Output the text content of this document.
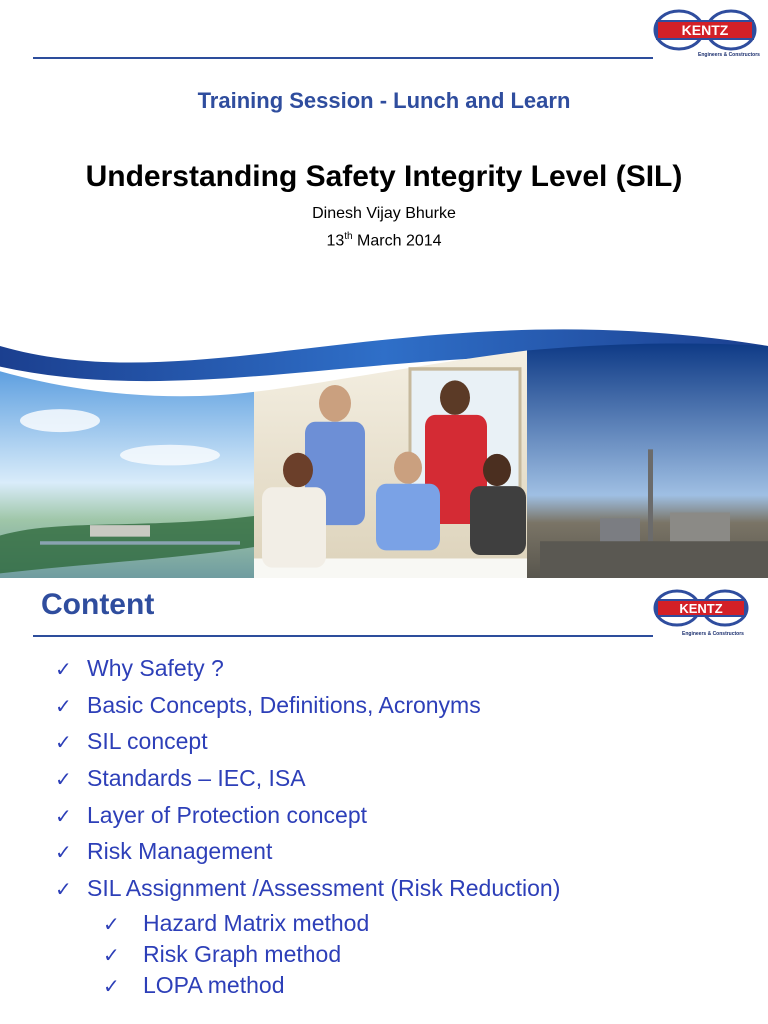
KENTZ
Engineers & Constructors
Training Session - Lunch and Learn
Understanding Safety Integrity Level (SIL)
Dinesh Vijay Bhurke
13th March 2014
Content	KENTZ
Engineers & Constructors
✓ Why Safety ?
✓ Basic Concepts, Definitions, Acronyms
✓ SIL concept
✓ Standards – IEC, ISA
✓ Layer of Protection concept
✓ Risk Management
✓ SIL Assignment /Assessment (Risk Reduction)
✓ Hazard Matrix method
✓ Risk Graph method
✓ LOPA method
